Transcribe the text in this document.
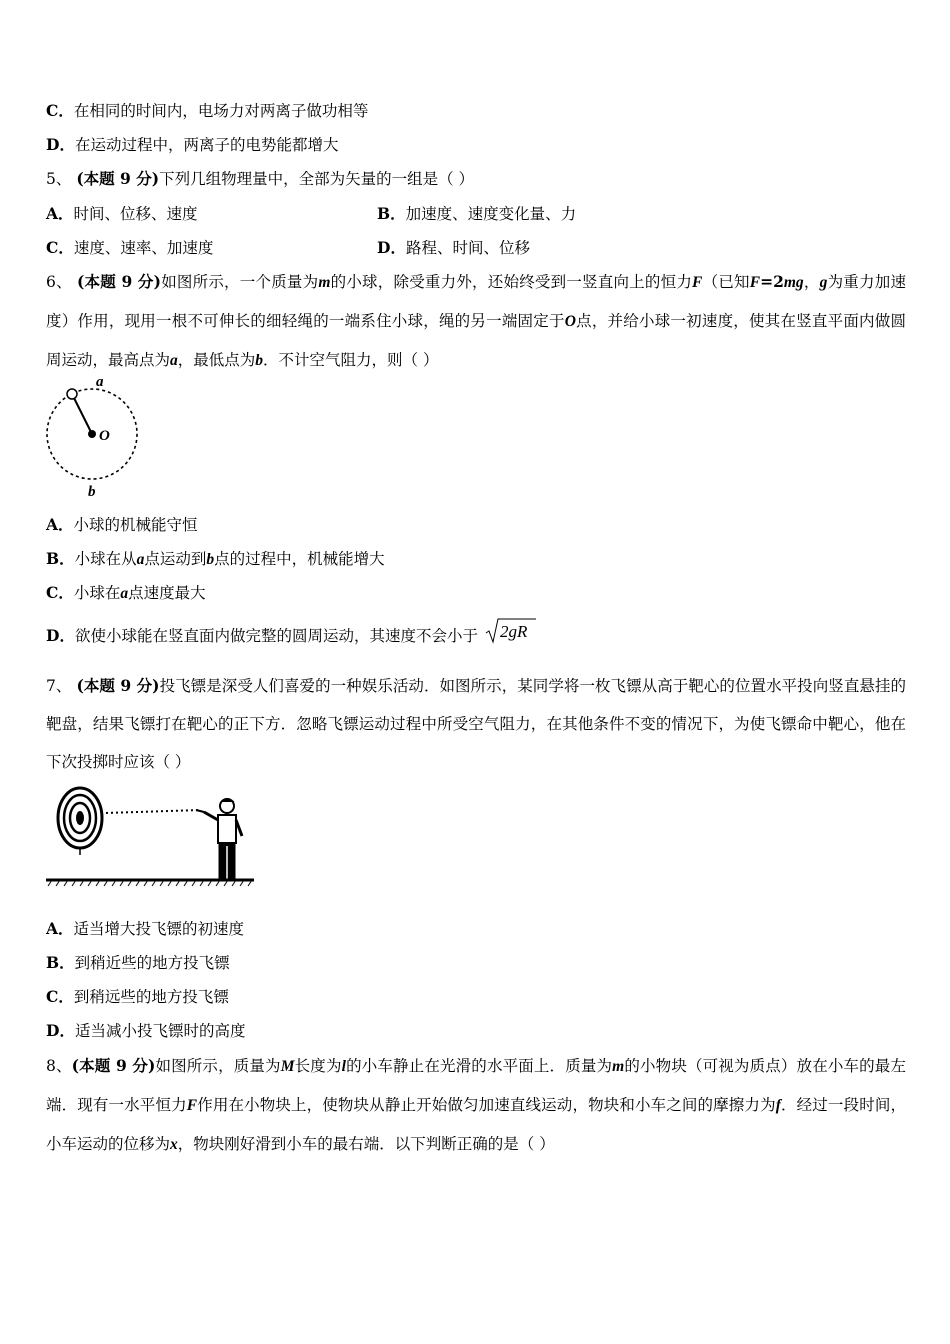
C．在相同的时间内，电场力对两离子做功相等
D．在运动过程中，两离子的电势能都增大
5、 (本题 9 分)下列几组物理量中，全部为矢量的一组是（ ）
A．时间、位移、速度	B．加速度、速度变化量、力
C．速度、速率、加速度	D．路程、时间、位移
6、 (本题 9 分)如图所示，一个质量为m的小球，除受重力外，还始终受到一竖直向上的恒力F（已知F=2mg，g为重力加速度）作用，现用一根不可伸长的细轻绳的一端系住小球，绳的另一端固定于O点，并给小球一初速度，使其在竖直平面内做圆周运动，最高点为a，最低点为b．不计空气阻力，则（ ）
a
O
b
A．小球的机械能守恒
B．小球在从a点运动到b点的过程中，机械能增大
C．小球在a点速度最大
D．欲使小球能在竖直面内做完整的圆周运动，其速度不会小于 2gR
7、 (本题 9 分)投飞镖是深受人们喜爱的一种娱乐活动．如图所示，某同学将一枚飞镖从高于靶心的位置水平投向竖直悬挂的靶盘，结果飞镖打在靶心的正下方．忽略飞镖运动过程中所受空气阻力，在其他条件不变的情况下，为使飞镖命中靶心，他在下次投掷时应该（ ）
A．适当增大投飞镖的初速度
B．到稍近些的地方投飞镖
C．到稍远些的地方投飞镖
D．适当减小投飞镖时的高度
8、(本题 9 分)如图所示，质量为M长度为l的小车静止在光滑的水平面上．质量为m的小物块（可视为质点）放在小车的最左端．现有一水平恒力F作用在小物块上，使物块从静止开始做匀加速直线运动，物块和小车之间的摩擦力为f．经过一段时间，小车运动的位移为x，物块刚好滑到小车的最右端．以下判断正确的是（ ）
